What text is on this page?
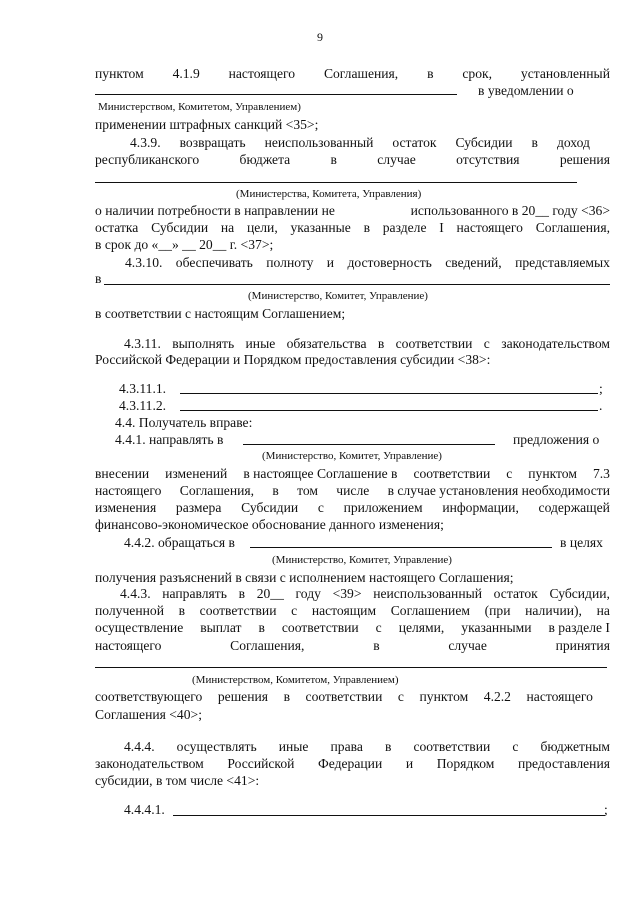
9
пунктом 4.1.9 настоящего Соглашения, в срок, установленный
в уведомлении о
Министерством, Комитетом, Управлением)
применении штрафных санкций <35>;
4.3.9. возвращать неиспользованный остаток Субсидии в доход
республиканского	бюджета	в	случае	отсутствия	решения
(Министерства, Комитета, Управления)
о наличии потребности в направлении не	использованного в 20__ году <36>
остатка Субсидии на цели, указанные в разделе I настоящего Соглашения,
в срок до «__» __ 20__ г. <37>;
4.3.10. обеспечивать полноту и достоверность сведений, представляемых
в
(Министерство, Комитет, Управление)
в соответствии с настоящим Соглашением;
4.3.11. выполнять иные обязательства в соответствии с законодательством
Российской Федерации и Порядком предоставления субсидии <38>:
4.3.11.1.	;
4.3.11.2.	.
4.4. Получатель вправе:
4.4.1. направлять в	предложения о
(Министерство, Комитет, Управление)
внесении изменений в настоящее Соглашение в соответствии с пунктом 7.3
настоящего Соглашения, в том числе в случае установления необходимости
изменения размера Субсидии с приложением информации, содержащей
финансово-экономическое обоснование данного изменения;
4.4.2. обращаться в	в целях
(Министерство, Комитет, Управление)
получения разъяснений в связи с исполнением настоящего Соглашения;
4.4.3. направлять в 20__ году <39> неиспользованный остаток Субсидии,
полученной в соответствии с настоящим Соглашением (при наличии), на
осуществление выплат в соответствии с целями, указанными в разделе I
настоящего	Соглашения,	в	случае	принятия
(Министерством, Комитетом, Управлением)
соответствующего решения в соответствии с пунктом 4.2.2 настоящего
Соглашения <40>;
4.4.4. осуществлять иные права в соответствии с бюджетным
законодательством Российской Федерации и Порядком предоставления
субсидии, в том числе <41>:
4.4.4.1.	;
